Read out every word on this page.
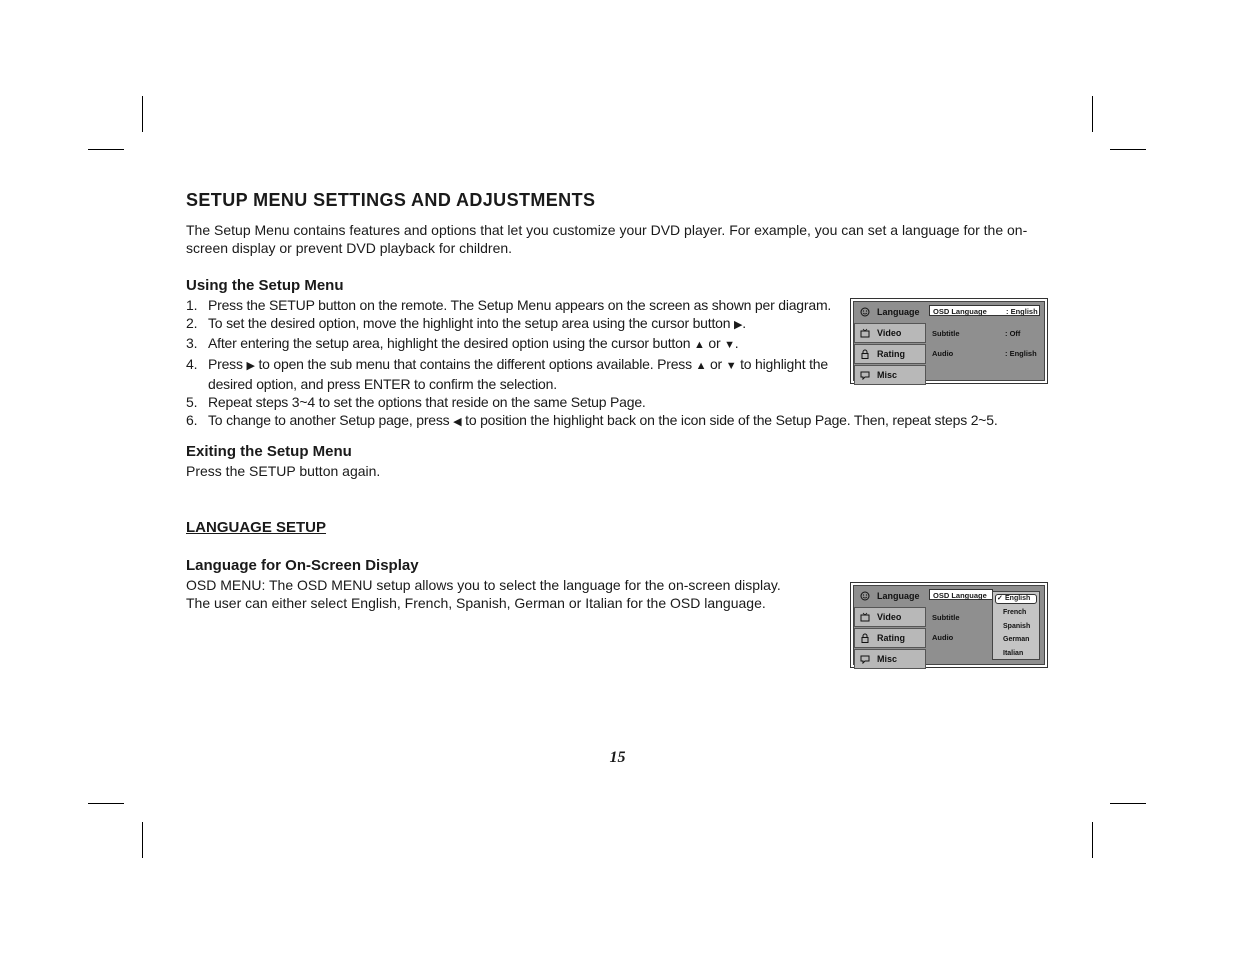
SETUP MENU SETTINGS AND ADJUSTMENTS
The Setup Menu contains features and options that let you customize your DVD player. For example, you can set a language for the on-screen display or prevent DVD playback for children.
Using the Setup Menu
1. Press the SETUP button on the remote. The Setup Menu appears on the screen as shown per diagram.
2. To set the desired option, move the highlight into the setup area using the cursor button ▶.
3. After entering the setup area, highlight the desired option using the cursor button ▲ or ▼.
4. Press ▶ to open the sub menu that contains the different options available. Press ▲ or ▼ to highlight the desired option, and press ENTER to confirm the selection.
5. Repeat steps 3~4 to set the options that reside on the same Setup Page.
6. To change to another Setup page, press ◀ to position the highlight back on the icon side of the Setup Page. Then, repeat steps 2~5.
Exiting the Setup Menu
Press the SETUP button again.
LANGUAGE SETUP
Language for On-Screen Display
OSD MENU: The OSD MENU setup allows you to select the language for the on-screen display.
The user can either select English, French, Spanish, German or Italian for the OSD language.
Language
Video
Rating
Misc
OSD Language	: English
Subtitle	: Off
Audio	: English
Language
Video
Rating
Misc
OSD Language
Subtitle
Audio
✓ English
French
Spanish
German
Italian
15
